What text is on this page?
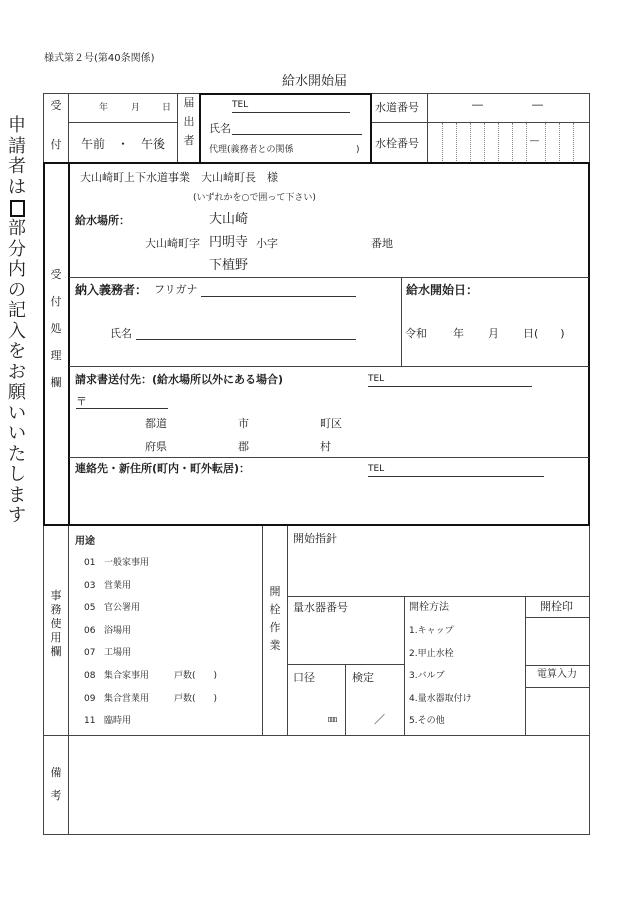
様式第２号(第40条関係)
給水開始届
申
請
者
は
部
分
内
の
記
入
を
お
願
い
い
た
し
ま
す
受
付
年	月 日
午前　・　午後
届
出
者
TEL
氏名
代理(義務者との関係	)
水道番号	―	―
水栓番号	―
受
付
処
理
欄
大山崎町上下水道事業　大山崎町長　様
(いずれかを○で囲って下さい)
給水場所：	大山崎
大山崎町字 円明寺 小字	番地
下植野
納入義務者： フリガナ
氏名
給水開始日：
令和 年 月 日(　　)
請求書送付先：(給水場所以外にある場合)	TEL
〒
都道	市	町区
府県	郡	村
連絡先・新住所(町内・町外転居)：	TEL
事
務
使
用
欄
用途
01 一般家事用
03 営業用
05 官公署用
06 浴場用
07 工場用
08 集合家事用	戸数(　　)
09 集合営業用	戸数(　　)
11 臨時用
開
栓
作
業
開始指針
量水器番号	開栓方法
1.キャップ
2.甲止水栓
3.バルブ
4.量水器取付け
5.その他
開栓印
電算入力
口径	検定
㎜	／
備
考
